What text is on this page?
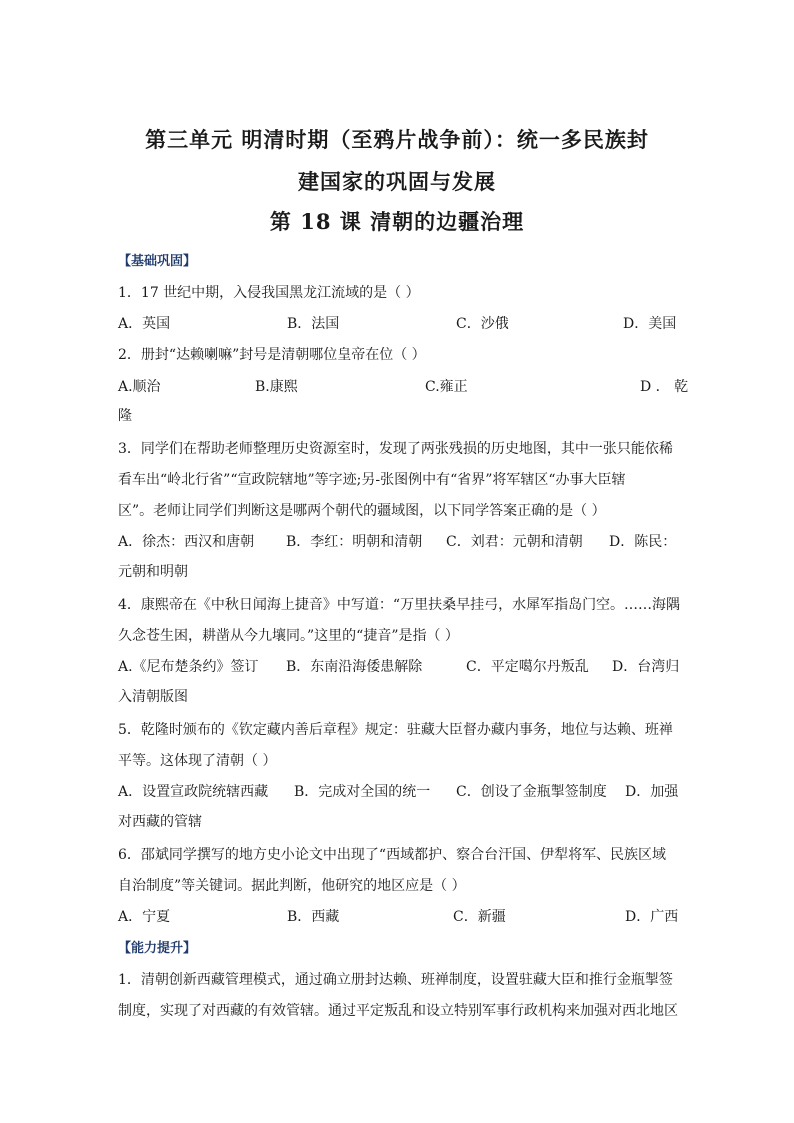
第三单元 明清时期（至鸦片战争前）：统一多民族封
建国家的巩固与发展
第 18 课 清朝的边疆治理
【基础巩固】
1．17 世纪中期，入侵我国黑龙江流域的是（ ）
A．英国	B．法国	C．沙俄	D．美国
2．册封“达赖喇嘛”封号是清朝哪位皇帝在位（ ）
A.顺治	B.康熙	C.雍正	D ． 乾
隆
3．同学们在帮助老师整理历史资源室时，发现了两张残损的历史地图，其中一张只能依稀
看车出“岭北行省”“宣政院辖地”等字迹;另-张图例中有“省界”将军辖区“办事大臣辖
区”。老师让同学们判断这是哪两个朝代的疆域图，以下同学答案正确的是（ ）
A．徐杰：西汉和唐朝 B．李红：明朝和清朝 C．刘君：元朝和清朝 D．陈民：
元朝和明朝
4．康熙帝在《中秋日闻海上捷音》中写道：“万里扶桑早挂弓，水犀军指岛门空。……海隅
久念苍生困，耕凿从今九壤同。”这里的“捷音”是指（ ）
A.《尼布楚条约》签订 B．东南沿海倭患解除	C．平定噶尔丹叛乱 D．台湾归
入清朝版图
5．乾隆时颁布的《钦定藏内善后章程》规定：驻藏大臣督办藏内事务，地位与达赖、班禅
平等。这体现了清朝（ ）
A．设置宣政院统辖西藏 B．完成对全国的统一 C．创设了金瓶掣签制度 D．加强
对西藏的管辖
6．邵斌同学撰写的地方史小论文中出现了“西域都护、察合台汗国、伊犁将军、民族区域
自治制度”等关键词。据此判断，他研究的地区应是（ ）
A．宁夏	B．西藏	C．新疆	D．广西
【能力提升】
1．清朝创新西藏管理模式，通过确立册封达赖、班禅制度，设置驻藏大臣和推行金瓶掣签
制度，实现了对西藏的有效管辖。通过平定叛乱和设立特别军事行政机构来加强对西北地区
